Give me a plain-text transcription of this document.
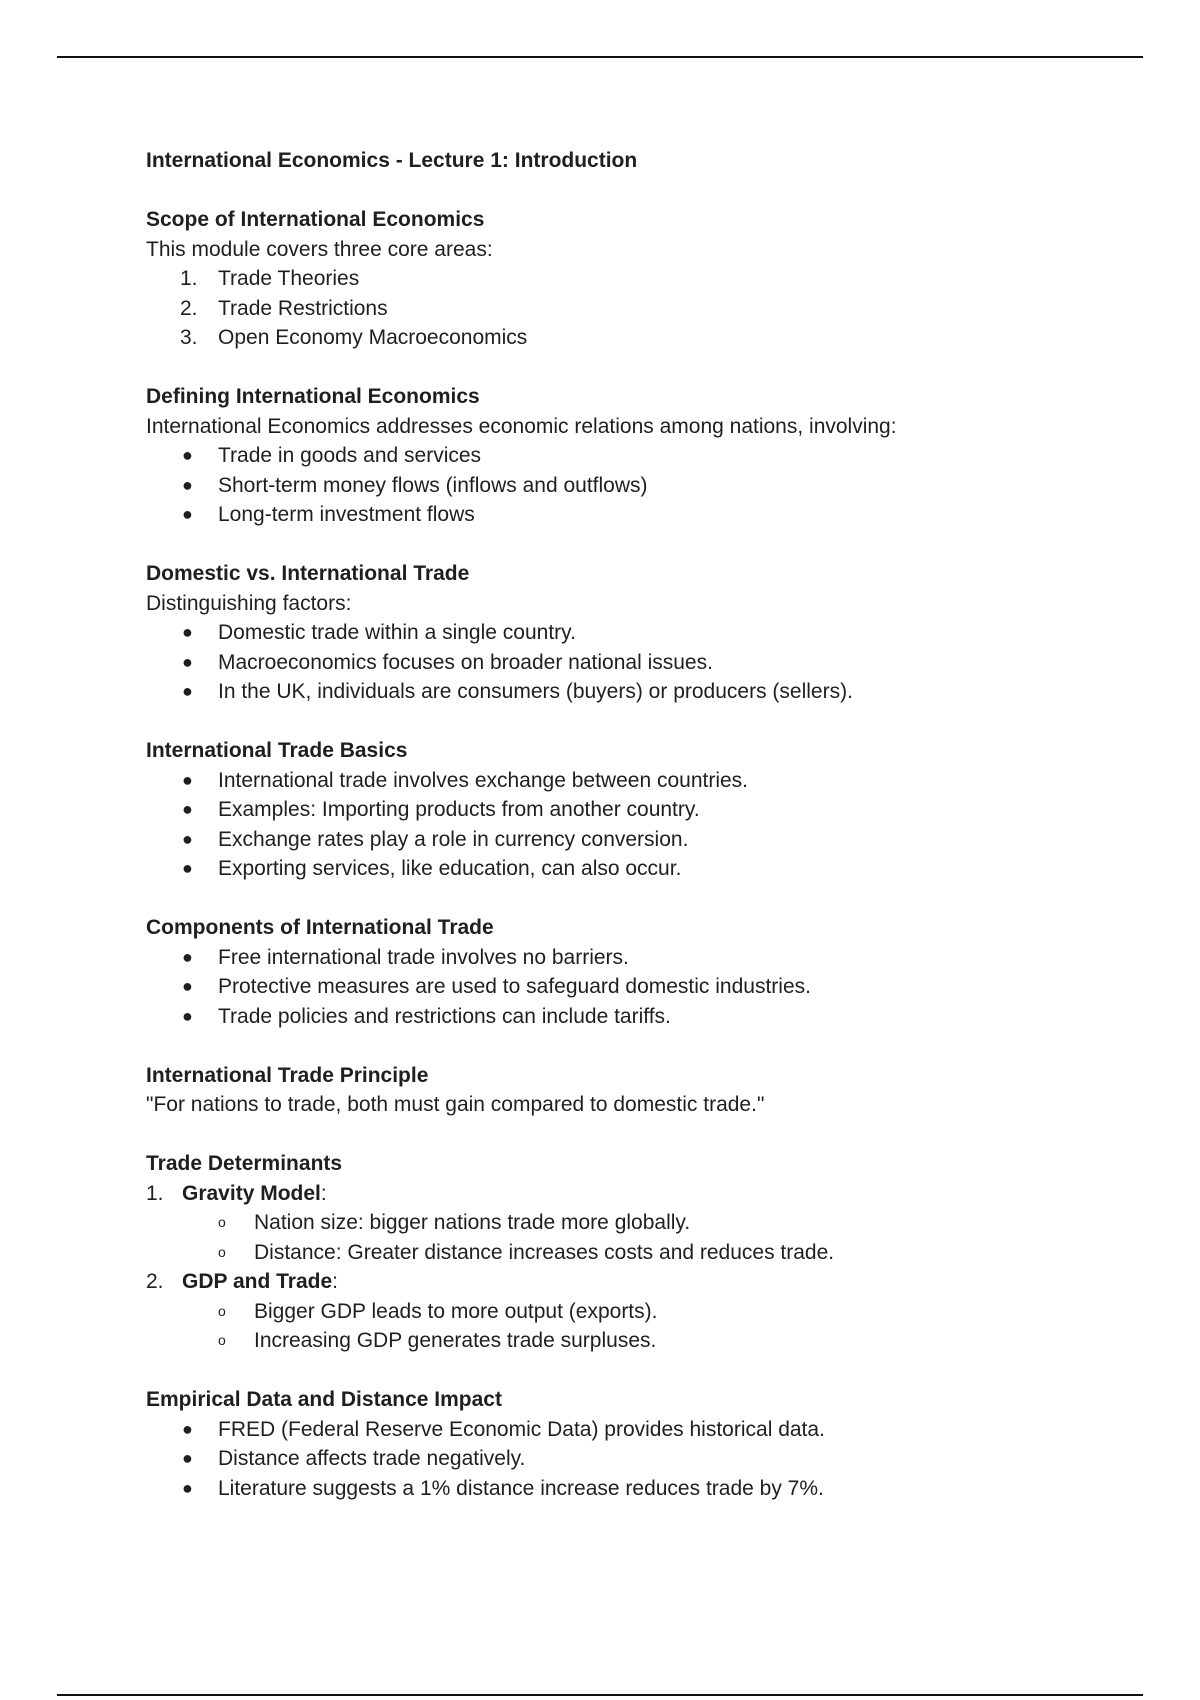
International Economics - Lecture 1: Introduction
Scope of International Economics

This module covers three core areas:

1. Trade Theories
2. Trade Restrictions
3. Open Economy Macroeconomics
Defining International Economics

International Economics addresses economic relations among nations, involving:

●	Trade in goods and services
●	Short-term money flows (inflows and outflows)
●	Long-term investment flows
Domestic vs. International Trade

Distinguishing factors:

●	Domestic trade within a single country.
●	Macroeconomics focuses on broader national issues.
●	In the UK, individuals are consumers (buyers) or producers (sellers).
International Trade Basics
●	International trade involves exchange between countries.
●	Examples: Importing products from another country.
●	Exchange rates play a role in currency conversion.
●	Exporting services, like education, can also occur.
Components of International Trade
●	Free international trade involves no barriers.
●	Protective measures are used to safeguard domestic industries.
●	Trade policies and restrictions can include tariffs.
International Trade Principle

"For nations to trade, both must gain compared to domestic trade."

Trade Determinants
1. Gravity Model:
o Nation size: bigger nations trade more globally.
o Distance: Greater distance increases costs and reduces trade.
2. GDP and Trade:
o Bigger GDP leads to more output (exports).
o Increasing GDP generates trade surpluses.
Empirical Data and Distance Impact
●	FRED (Federal Reserve Economic Data) provides historical data.
●	Distance affects trade negatively.
●	Literature suggests a 1% distance increase reduces trade by 7%.
